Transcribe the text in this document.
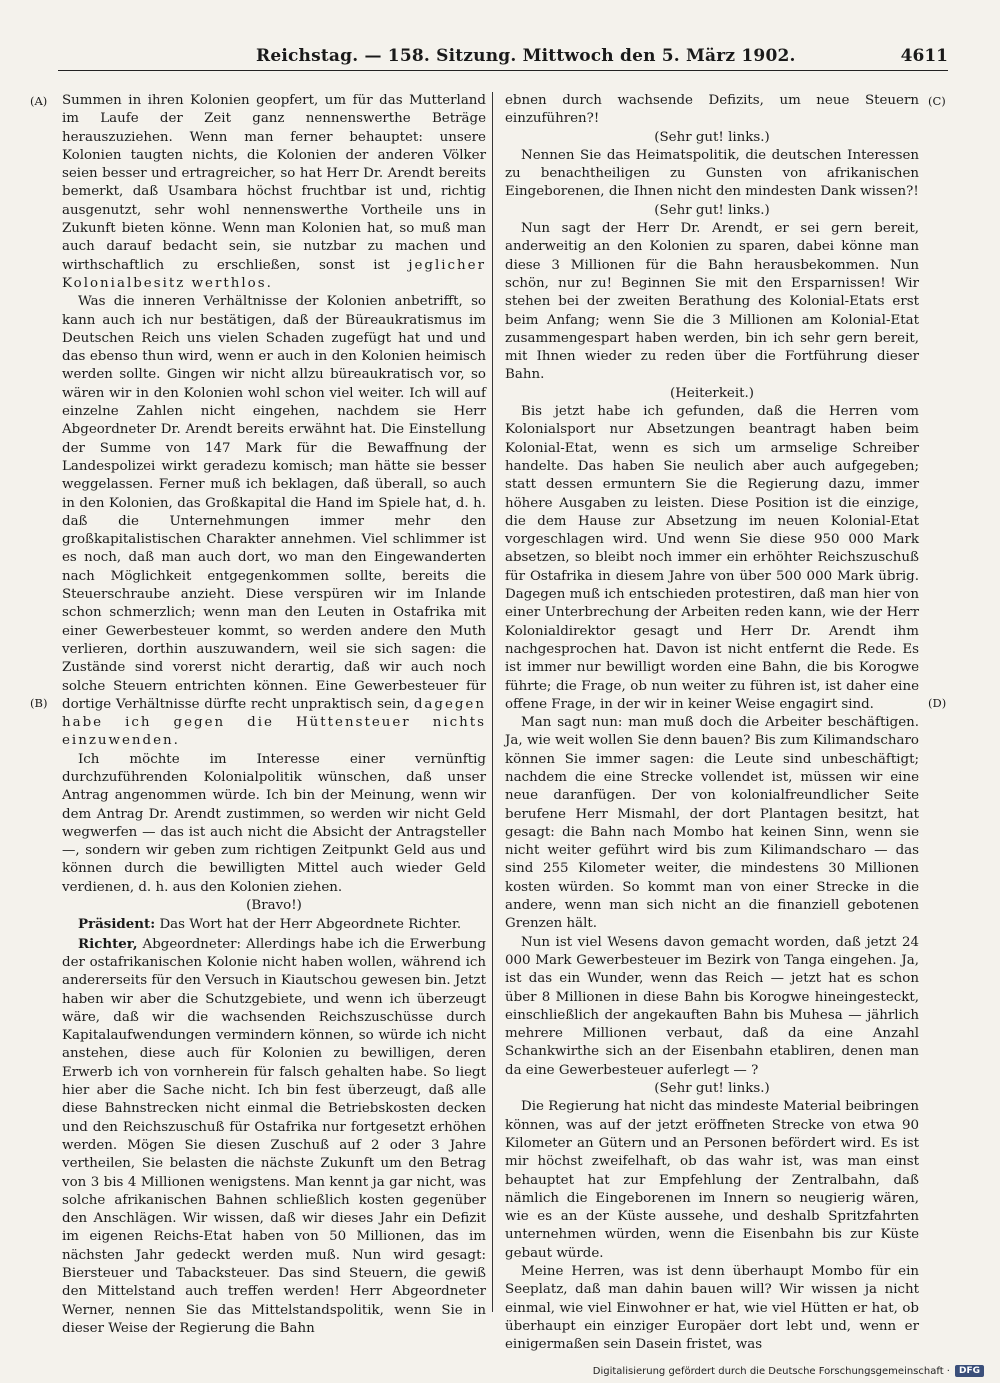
Reichstag. — 158. Sitzung. Mittwoch den 5. März 1902.	4611
(A)
(B)
(C)
(D)

Summen in ihren Kolonien geopfert, um für das Mutterland im Laufe der Zeit ganz nennenswerthe Beträge herauszuziehen. Wenn man ferner behauptet: unsere Kolonien taugten nichts, die Kolonien der anderen Völker seien besser und ertragreicher, so hat Herr Dr. Arendt bereits bemerkt, daß Usambara höchst fruchtbar ist und, richtig ausgenutzt, sehr wohl nennenswerthe Vortheile uns in Zukunft bieten könne. Wenn man Kolonien hat, so muß man auch darauf bedacht sein, sie nutzbar zu machen und wirthschaftlich zu erschließen, sonst ist jeglicher Kolonialbesitz werthlos.

Was die inneren Verhältnisse der Kolonien anbetrifft, so kann auch ich nur bestätigen, daß der Büreaukratismus im Deutschen Reich uns vielen Schaden zugefügt hat und und das ebenso thun wird, wenn er auch in den Kolonien heimisch werden sollte. Gingen wir nicht allzu büreaukratisch vor, so wären wir in den Kolonien wohl schon viel weiter. Ich will auf einzelne Zahlen nicht eingehen, nachdem sie Herr Abgeordneter Dr. Arendt bereits erwähnt hat. Die Einstellung der Summe von 147 Mark für die Bewaffnung der Landespolizei wirkt geradezu komisch; man hätte sie besser weggelassen. Ferner muß ich beklagen, daß überall, so auch in den Kolonien, das Großkapital die Hand im Spiele hat, d. h. daß die Unternehmungen immer mehr den großkapitalistischen Charakter annehmen. Viel schlimmer ist es noch, daß man auch dort, wo man den Eingewanderten nach Möglichkeit entgegenkommen sollte, bereits die Steuerschraube anzieht. Diese verspüren wir im Inlande schon schmerzlich; wenn man den Leuten in Ostafrika mit einer Gewerbesteuer kommt, so werden andere den Muth verlieren, dorthin auszuwandern, weil sie sich sagen: die Zustände sind vorerst nicht derartig, daß wir auch noch solche Steuern entrichten können. Eine Gewerbesteuer für dortige Verhältnisse dürfte recht unpraktisch sein, dagegen habe ich gegen die Hüttensteuer nichts einzuwenden.

Ich möchte im Interesse einer vernünftig durchzuführenden Kolonialpolitik wünschen, daß unser Antrag angenommen würde. Ich bin der Meinung, wenn wir dem Antrag Dr. Arendt zustimmen, so werden wir nicht Geld wegwerfen — das ist auch nicht die Absicht der Antragsteller —, sondern wir geben zum richtigen Zeitpunkt Geld aus und können durch die bewilligten Mittel auch wieder Geld verdienen, d. h. aus den Kolonien ziehen.

(Bravo!)

Präsident: Das Wort hat der Herr Abgeordnete Richter.

Richter, Abgeordneter: Allerdings habe ich die Erwerbung der ostafrikanischen Kolonie nicht haben wollen, während ich andererseits für den Versuch in Kiautschou gewesen bin. Jetzt haben wir aber die Schutzgebiete, und wenn ich überzeugt wäre, daß wir die wachsenden Reichszuschüsse durch Kapitalaufwendungen vermindern können, so würde ich nicht anstehen, diese auch für Kolonien zu bewilligen, deren Erwerb ich von vornherein für falsch gehalten habe. So liegt hier aber die Sache nicht. Ich bin fest überzeugt, daß alle diese Bahnstrecken nicht einmal die Betriebskosten decken und den Reichszuschuß für Ostafrika nur fortgesetzt erhöhen werden. Mögen Sie diesen Zuschuß auf 2 oder 3 Jahre vertheilen, Sie belasten die nächste Zukunft um den Betrag von 3 bis 4 Millionen wenigstens. Man kennt ja gar nicht, was solche afrikanischen Bahnen schließlich kosten gegenüber den Anschlägen. Wir wissen, daß wir dieses Jahr ein Defizit im eigenen Reichs-Etat haben von 50 Millionen, das im nächsten Jahr gedeckt werden muß. Nun wird gesagt: Biersteuer und Tabacksteuer. Das sind Steuern, die gewiß den Mittelstand auch treffen werden! Herr Abgeordneter Werner, nennen Sie das Mittelstandspolitik, wenn Sie in dieser Weise der Regierung die Bahn

ebnen durch wachsende Defizits, um neue Steuern einzuführen?!

(Sehr gut! links.)

Nennen Sie das Heimatspolitik, die deutschen Interessen zu benachtheiligen zu Gunsten von afrikanischen Eingeborenen, die Ihnen nicht den mindesten Dank wissen?!

(Sehr gut! links.)

Nun sagt der Herr Dr. Arendt, er sei gern bereit, anderweitig an den Kolonien zu sparen, dabei könne man diese 3 Millionen für die Bahn herausbekommen. Nun schön, nur zu! Beginnen Sie mit den Ersparnissen! Wir stehen bei der zweiten Berathung des Kolonial-Etats erst beim Anfang; wenn Sie die 3 Millionen am Kolonial-Etat zusammengespart haben werden, bin ich sehr gern bereit, mit Ihnen wieder zu reden über die Fortführung dieser Bahn.

(Heiterkeit.)

Bis jetzt habe ich gefunden, daß die Herren vom Kolonialsport nur Absetzungen beantragt haben beim Kolonial-Etat, wenn es sich um armselige Schreiber handelte. Das haben Sie neulich aber auch aufgegeben; statt dessen ermuntern Sie die Regierung dazu, immer höhere Ausgaben zu leisten. Diese Position ist die einzige, die dem Hause zur Absetzung im neuen Kolonial-Etat vorgeschlagen wird. Und wenn Sie diese 950 000 Mark absetzen, so bleibt noch immer ein erhöhter Reichszuschuß für Ostafrika in diesem Jahre von über 500 000 Mark übrig. Dagegen muß ich entschieden protestiren, daß man hier von einer Unterbrechung der Arbeiten reden kann, wie der Herr Kolonialdirektor gesagt und Herr Dr. Arendt ihm nachgesprochen hat. Davon ist nicht entfernt die Rede. Es ist immer nur bewilligt worden eine Bahn, die bis Korogwe führte; die Frage, ob nun weiter zu führen ist, ist daher eine offene Frage, in der wir in keiner Weise engagirt sind.

Man sagt nun: man muß doch die Arbeiter beschäftigen. Ja, wie weit wollen Sie denn bauen? Bis zum Kilimandscharo können Sie immer sagen: die Leute sind unbeschäftigt; nachdem die eine Strecke vollendet ist, müssen wir eine neue daranfügen. Der von kolonialfreundlicher Seite berufene Herr Mismahl, der dort Plantagen besitzt, hat gesagt: die Bahn nach Mombo hat keinen Sinn, wenn sie nicht weiter geführt wird bis zum Kilimandscharo — das sind 255 Kilometer weiter, die mindestens 30 Millionen kosten würden. So kommt man von einer Strecke in die andere, wenn man sich nicht an die finanziell gebotenen Grenzen hält.

Nun ist viel Wesens davon gemacht worden, daß jetzt 24 000 Mark Gewerbesteuer im Bezirk von Tanga eingehen. Ja, ist das ein Wunder, wenn das Reich — jetzt hat es schon über 8 Millionen in diese Bahn bis Korogwe hineingesteckt, einschließlich der angekauften Bahn bis Muhesa — jährlich mehrere Millionen verbaut, daß da eine Anzahl Schankwirthe sich an der Eisenbahn etabliren, denen man da eine Gewerbesteuer auferlegt — ?

(Sehr gut! links.)

Die Regierung hat nicht das mindeste Material beibringen können, was auf der jetzt eröffneten Strecke von etwa 90 Kilometer an Gütern und an Personen befördert wird. Es ist mir höchst zweifelhaft, ob das wahr ist, was man einst behauptet hat zur Empfehlung der Zentralbahn, daß nämlich die Eingeborenen im Innern so neugierig wären, wie es an der Küste aussehe, und deshalb Spritzfahrten unternehmen würden, wenn die Eisenbahn bis zur Küste gebaut würde.

Meine Herren, was ist denn überhaupt Mombo für ein Seeplatz, daß man dahin bauen will? Wir wissen ja nicht einmal, wie viel Einwohner er hat, wie viel Hütten er hat, ob überhaupt ein einziger Europäer dort lebt und, wenn er einigermaßen sein Dasein fristet, was

Digitalisierung gefördert durch die Deutsche Forschungsgemeinschaft ·	DFG
